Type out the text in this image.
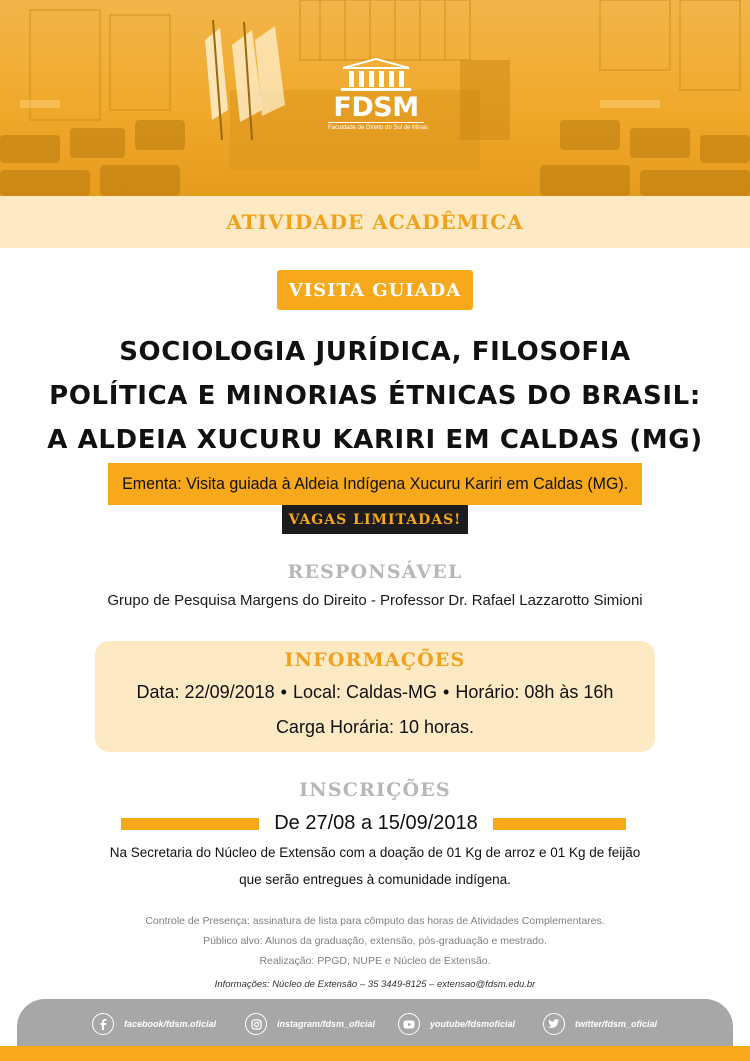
FDSM
Faculdade de Direito do Sul de Minas
ATIVIDADE ACADÊMICA
VISITA GUIADA
SOCIOLOGIA JURÍDICA, FILOSOFIA
POLÍTICA E MINORIAS ÉTNICAS DO BRASIL:
A ALDEIA XUCURU KARIRI EM CALDAS (MG)
Ementa: Visita guiada à Aldeia Indígena Xucuru Kariri em Caldas (MG).
VAGAS LIMITADAS!
RESPONSÁVEL
Grupo de Pesquisa Margens do Direito - Professor Dr. Rafael Lazzarotto Simioni
INFORMAÇÕES
Data: 22/09/2018 • Local: Caldas-MG • Horário: 08h às 16h
Carga Horária: 10 horas.
INSCRIÇÕES
De 27/08 a 15/09/2018
Na Secretaria do Núcleo de Extensão com a doação de 01 Kg de arroz e 01 Kg de feijão
que serão entregues à comunidade indígena.
Controle de Presença: assinatura de lista para cômputo das horas de Atividades Complementares.
Público alvo: Alunos da graduação, extensão, pós-graduação e mestrado.
Realização: PPGD, NUPE e Núcleo de Extensão.
Informações: Núcleo de Extensão – 35 3449-8125 – extensao@fdsm.edu.br
facebook/fdsm.oficial	instagram/fdsm_oficial	youtube/fdsmoficial	twitter/fdsm_oficial
